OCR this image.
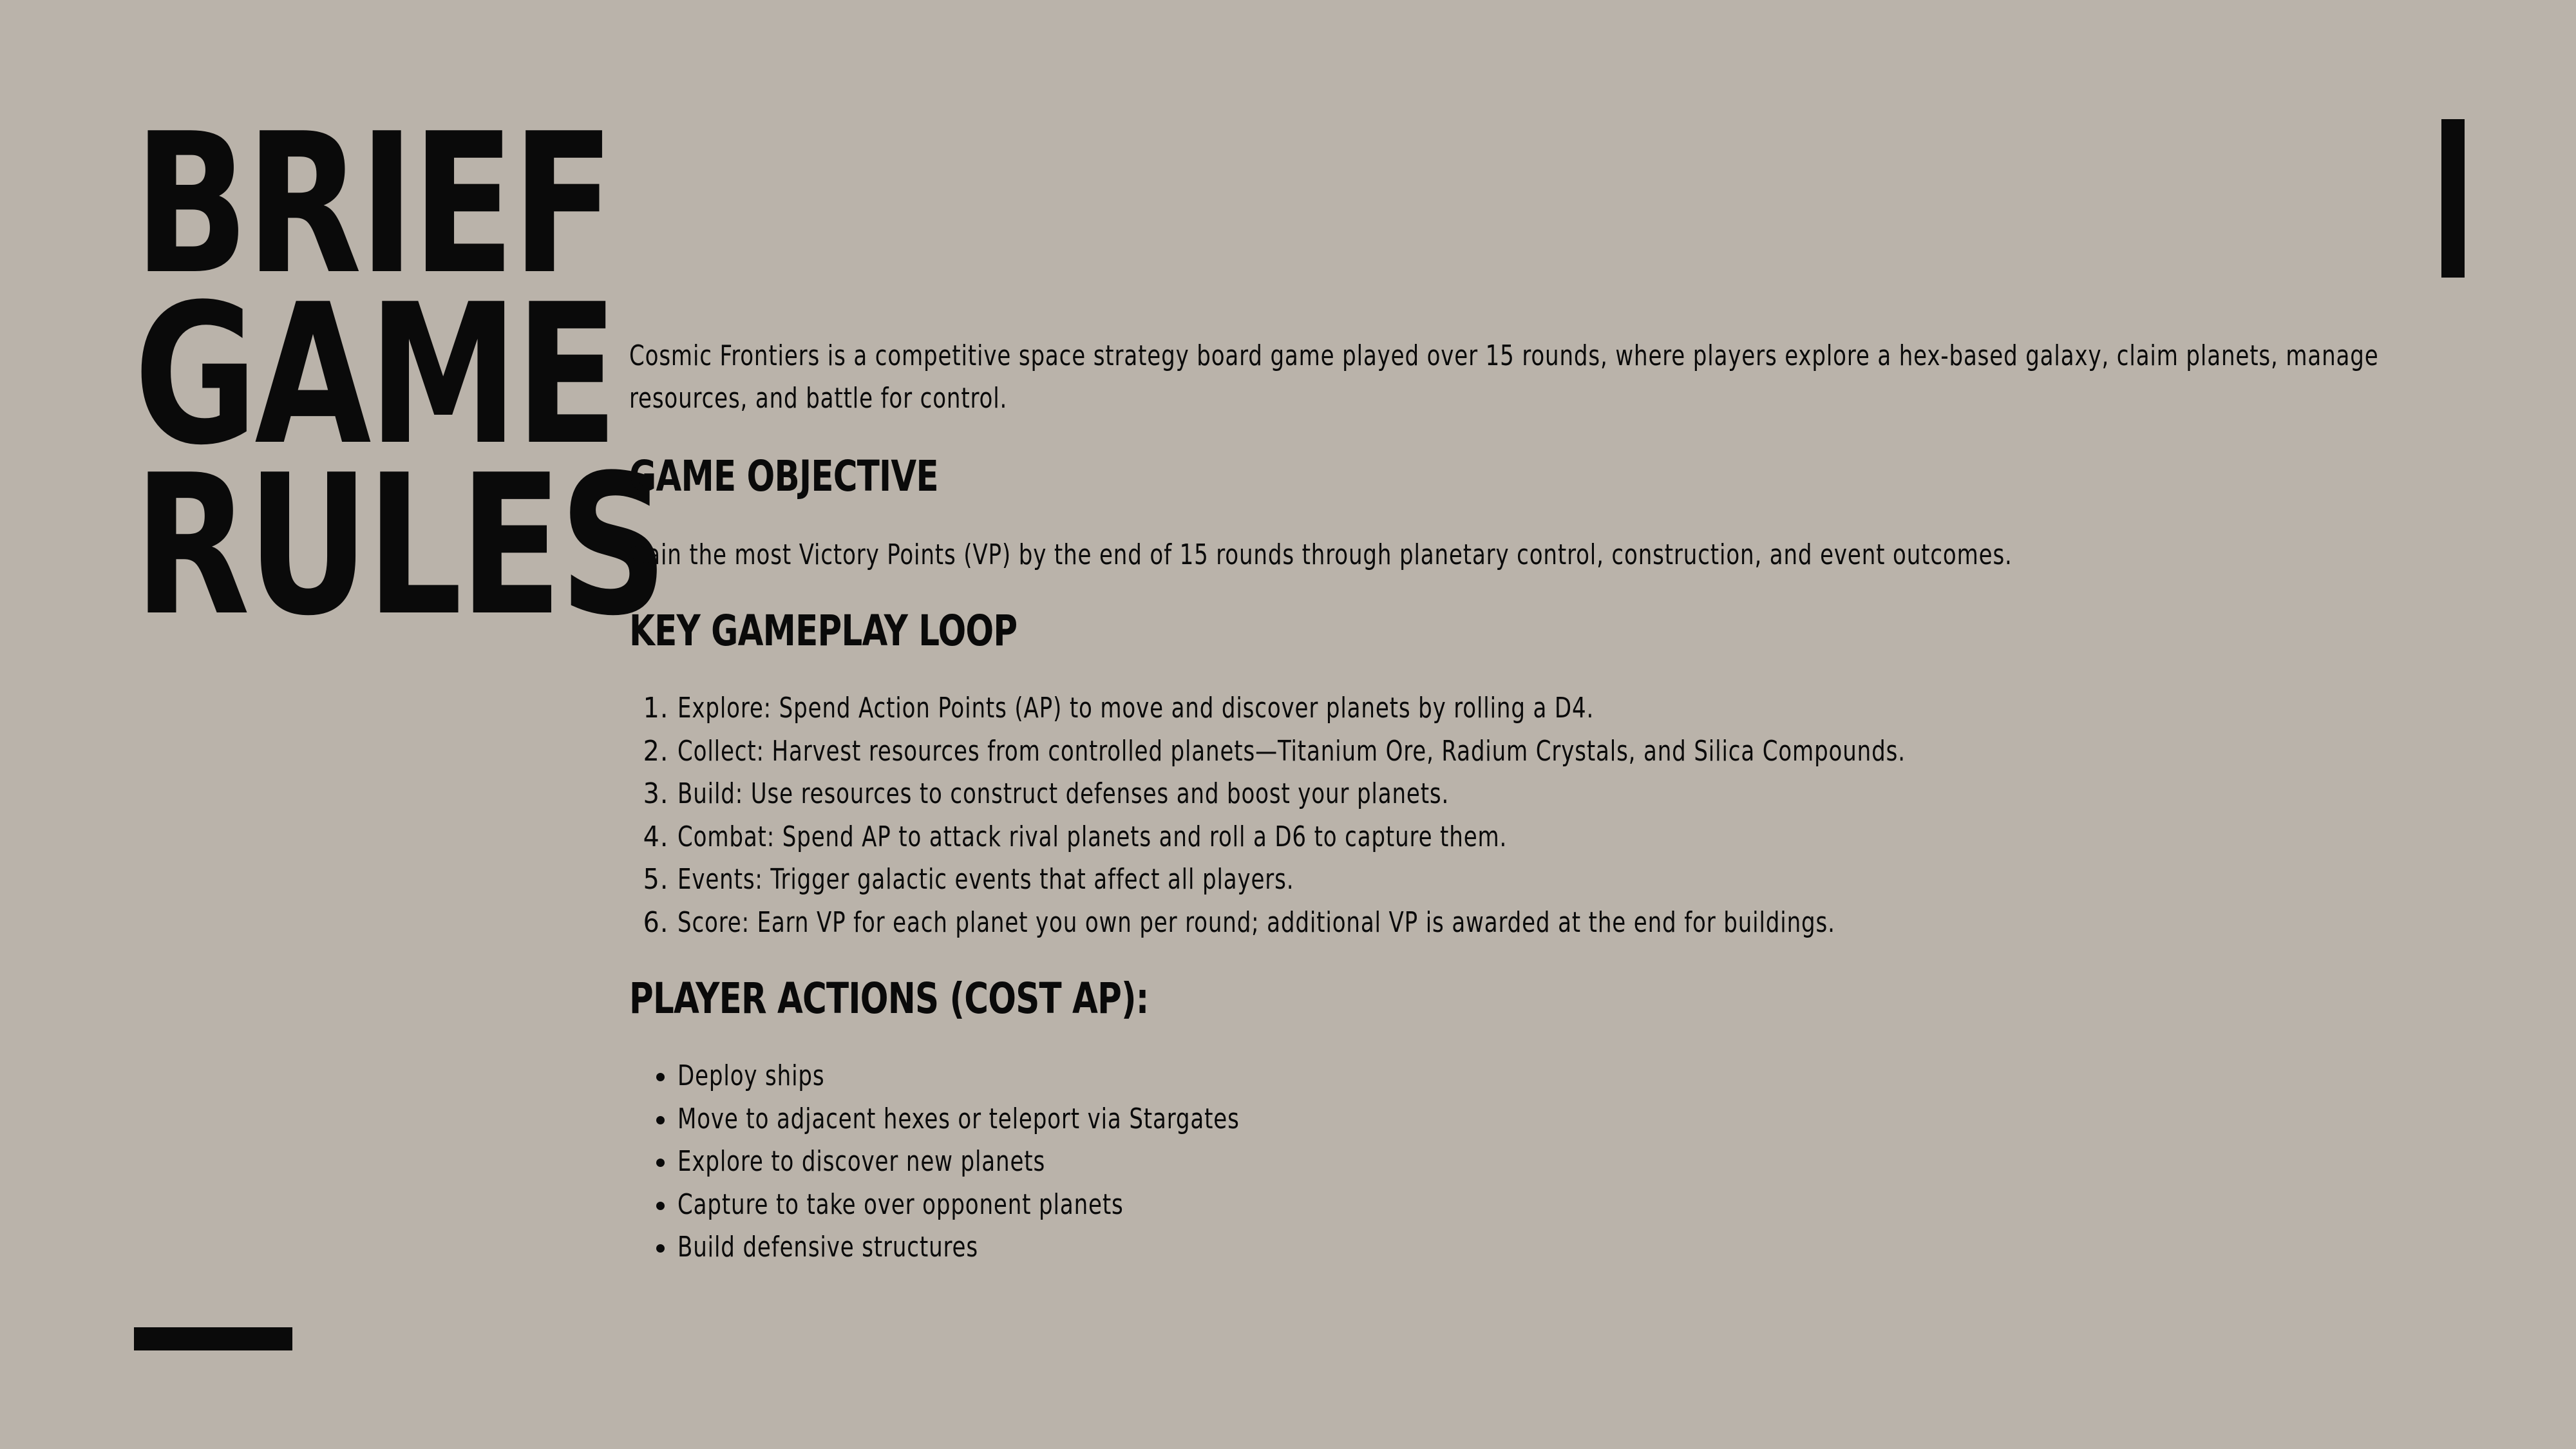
BRIEF
GAME
RULES

Cosmic Frontiers is a competitive space strategy board game played over 15 rounds, where players explore a hex-based galaxy, claim planets, manage resources, and battle for control.

GAME OBJECTIVE

Gain the most Victory Points (VP) by the end of 15 rounds through planetary control, construction, and event outcomes.

KEY GAMEPLAY LOOP
1. Explore: Spend Action Points (AP) to move and discover planets by rolling a D4.
2. Collect: Harvest resources from controlled planets—Titanium Ore, Radium Crystals, and Silica Compounds.
3. Build: Use resources to construct defenses and boost your planets.
4. Combat: Spend AP to attack rival planets and roll a D6 to capture them.
5. Events: Trigger galactic events that affect all players.
6. Score: Earn VP for each planet you own per round; additional VP is awarded at the end for buildings.
PLAYER ACTIONS (COST AP):
• Deploy ships
• Move to adjacent hexes or teleport via Stargates
• Explore to discover new planets
• Capture to take over opponent planets
• Build defensive structures
